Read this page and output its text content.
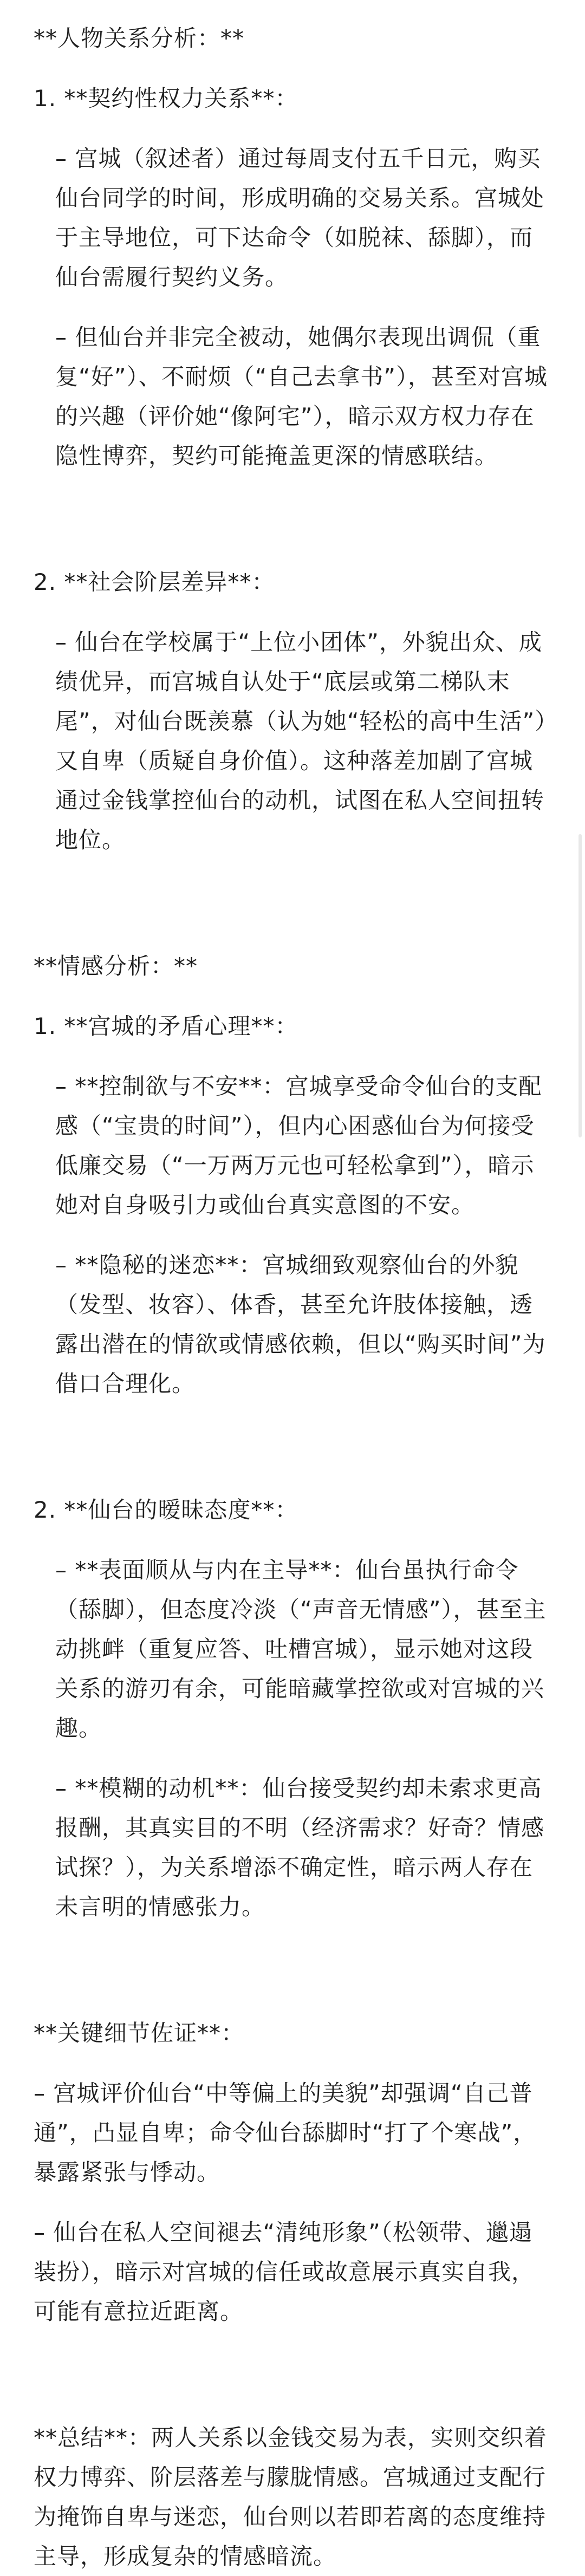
**人物关系分析：**
1. **契约性权力关系**：
– 宫城（叙述者）通过每周支付五千日元，购买仙台同学的时间，形成明确的交易关系。宫城处于主导地位，可下达命令（如脱袜、舔脚），而仙台需履行契约义务。
– 但仙台并非完全被动，她偶尔表现出调侃（重复“好”）、不耐烦（“自己去拿书”），甚至对宫城的兴趣（评价她“像阿宅”），暗示双方权力存在隐性博弈，契约可能掩盖更深的情感联结。
2. **社会阶层差异**：
– 仙台在学校属于“上位小团体”，外貌出众、成绩优异，而宫城自认处于“底层或第二梯队末尾”，对仙台既羡慕（认为她“轻松的高中生活”）又自卑（质疑自身价值）。这种落差加剧了宫城通过金钱掌控仙台的动机，试图在私人空间扭转地位。
**情感分析：**
1. **宫城的矛盾心理**：
– **控制欲与不安**：宫城享受命令仙台的支配感（“宝贵的时间”），但内心困惑仙台为何接受低廉交易（“一万两万元也可轻松拿到”），暗示她对自身吸引力或仙台真实意图的不安。
– **隐秘的迷恋**：宫城细致观察仙台的外貌（发型、妆容）、体香，甚至允许肢体接触，透露出潜在的情欲或情感依赖，但以“购买时间”为借口合理化。
2. **仙台的暧昧态度**：
– **表面顺从与内在主导**：仙台虽执行命令（舔脚），但态度冷淡（“声音无情感”），甚至主动挑衅（重复应答、吐槽宫城），显示她对这段关系的游刃有余，可能暗藏掌控欲或对宫城的兴趣。
– **模糊的动机**：仙台接受契约却未索求更高报酬，其真实目的不明（经济需求？好奇？情感试探？），为关系增添不确定性，暗示两人存在未言明的情感张力。
**关键细节佐证**：
– 宫城评价仙台“中等偏上的美貌”却强调“自己普通”，凸显自卑；命令仙台舔脚时“打了个寒战”，暴露紧张与悸动。
– 仙台在私人空间褪去“清纯形象”（松领带、邋遢装扮），暗示对宫城的信任或故意展示真实自我，可能有意拉近距离。
**总结**：两人关系以金钱交易为表，实则交织着权力博弈、阶层落差与朦胧情感。宫城通过支配行为掩饰自卑与迷恋，仙台则以若即若离的态度维持主导，形成复杂的情感暗流。
